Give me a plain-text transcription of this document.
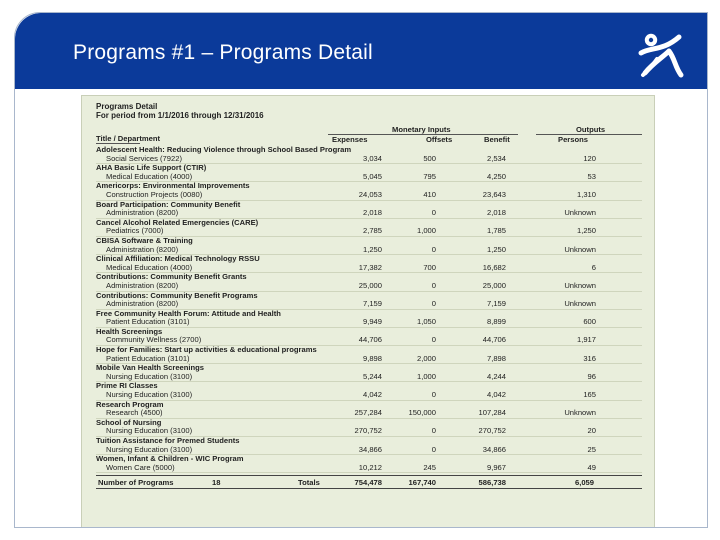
Programs #1 – Programs Detail
Programs Detail
For period from 1/1/2016 through 12/31/2016
Title / Department
Monetary Inputs	Outputs
Expenses	Offsets	Benefit	Persons
Adolescent Health: Reducing Violence through School Based Program					
Social Services (7922)	3,034	500	2,534	120	
AHA Basic Life Support (CTIR)					
Medical Education (4000)	5,045	795	4,250	53	
Americorps: Environmental Improvements					
Construction Projects (0080)	24,053	410	23,643	1,310	
Board Participation: Community Benefit					
Administration (8200)	2,018	0	2,018	Unknown	
Cancel Alcohol Related Emergencies (CARE)					
Pediatrics (7000)	2,785	1,000	1,785	1,250	
CBISA Software & Training					
Administration (8200)	1,250	0	1,250	Unknown	
Clinical Affiliation: Medical Technology RSSU					
Medical Education (4000)	17,382	700	16,682	6	
Contributions: Community Benefit Grants					
Administration (8200)	25,000	0	25,000	Unknown	
Contributions: Community Benefit Programs					
Administration (8200)	7,159	0	7,159	Unknown	
Free Community Health Forum: Attitude and Health					
Patient Education (3101)	9,949	1,050	8,899	600	
Health Screenings					
Community Wellness (2700)	44,706	0	44,706	1,917	
Hope for Families: Start up activities & educational programs					
Patient Education (3101)	9,898	2,000	7,898	316	
Mobile Van Health Screenings					
Nursing Education (3100)	5,244	1,000	4,244	96	
Prime RI Classes					
Nursing Education (3100)	4,042	0	4,042	165	
Research Program					
Research (4500)	257,284	150,000	107,284	Unknown	
School of Nursing					
Nursing Education (3100)	270,752	0	270,752	20	
Tuition Assistance for Premed Students					
Nursing Education (3100)	34,866	0	34,866	25	
Women, Infant & Children - WIC Program					
Women Care (5000)	10,212	245	9,967	49	
Number of Programs	18	Totals	754,478	167,740	586,738	6,059
